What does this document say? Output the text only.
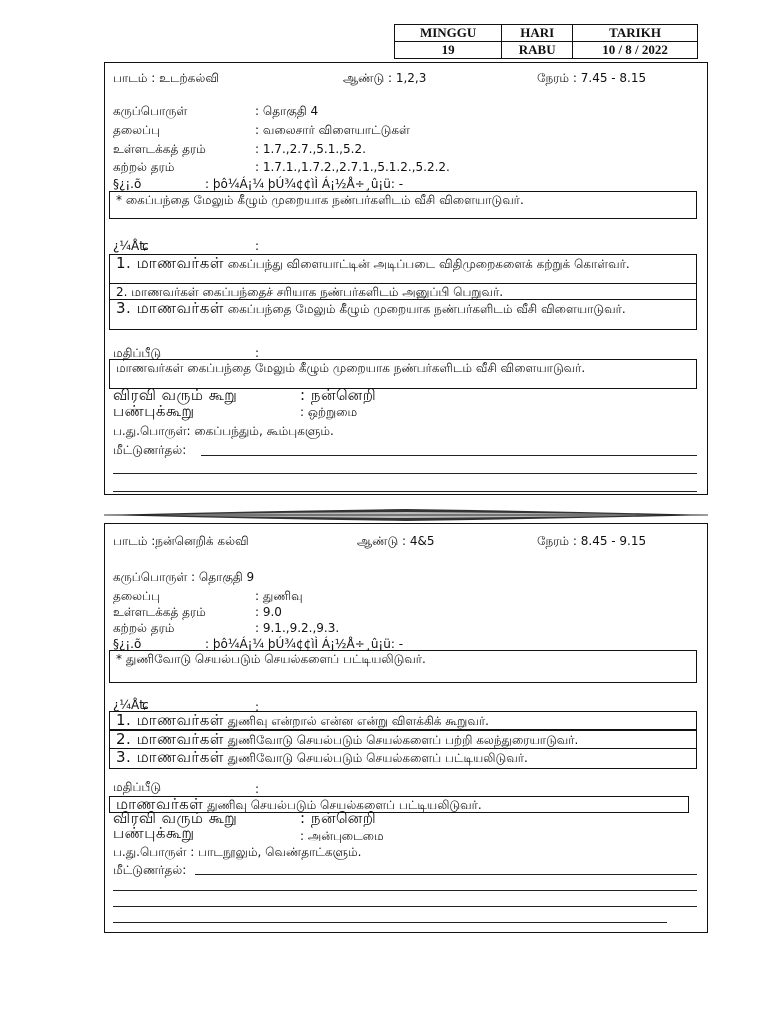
MINGGU	HARI	TARIKH
19	RABU	10 / 8 / 2022
பாடம் : உடற்கல்வி	ஆண்டு : 1,2,3	நேரம் : 7.45 - 8.15
கருப்பொருள்	: தொகுதி 4
தலைப்பு	: வலைசார் விளையாட்டுகள்
உள்ளடக்கத் தரம்	: 1.7.,2.7.,5.1.,5.2.
கற்றல் தரம்	: 1.7.1.,1.7.2.,2.7.1.,5.1.2.,5.2.2.
§¿¡.õ	: þô¼Á¡¼ þÚ¾¢¢ìÌ Á¡½Å÷¸û¡ü: -
* கைப்பந்தை மேலும் கீழும் முறையாக நண்பர்களிடம் வீசி விளையாடுவர்.
¿¼Åʨ	:
1. மாணவர்கள் கைப்பந்து விளையாட்டின் அடிப்படை விதிமுறைகளைக் கற்றுக் கொள்வர்.
2. மாணவர்கள் கைப்பந்தைச் சரியாக நண்பர்களிடம் அனுப்பி பெறுவர்.
3. மாணவர்கள் கைப்பந்தை மேலும் கீழும் முறையாக நண்பர்களிடம் வீசி விளையாடுவர்.
மதிப்பீடு	:
மாணவர்கள் கைப்பந்தை மேலும் கீழும் முறையாக நண்பர்களிடம் வீசி விளையாடுவர்.
விரவி வரும் கூறு	: நன்னெறி
பண்புக்கூறு	: ஒற்றுமை
ப.து.பொருள்: கைப்பந்தும், கூம்புகளும்.
மீட்டுணர்தல்:
பாடம் :நன்னெறிக் கல்வி	ஆண்டு : 4&5	நேரம் : 8.45 - 9.15
கருப்பொருள் : தொகுதி 9
தலைப்பு	: துணிவு
உள்ளடக்கத் தரம்	: 9.0
கற்றல் தரம்	: 9.1.,9.2.,9.3.
§¿¡.õ	: þô¼Á¡¼ þÚ¾¢¢ìÌ Á¡½Å÷¸û¡ü: -
* துணிவோடு செயல்படும் செயல்களைப் பட்டியலிடுவர்.
¿¼Åʨ	:
1. மாணவர்கள் துணிவு என்றால் என்ன என்று விளக்கிக் கூறுவர்.
2. மாணவர்கள் துணிவோடு செயல்படும் செயல்களைப் பற்றி கலந்துரையாடுவர்.
3. மாணவர்கள் துணிவோடு செயல்படும் செயல்களைப் பட்டியலிடுவர்.
மதிப்பீடு	:
மாணவர்கள் துணிவு செயல்படும் செயல்களைப் பட்டியலிடுவர்.
விரவி வரும் கூறு	: நன்னெறி
பண்புக்கூறு	: அன்புடைமை
ப.து.பொருள் : பாடநூலும், வெண்தாட்களும்.
மீட்டுணர்தல்:
